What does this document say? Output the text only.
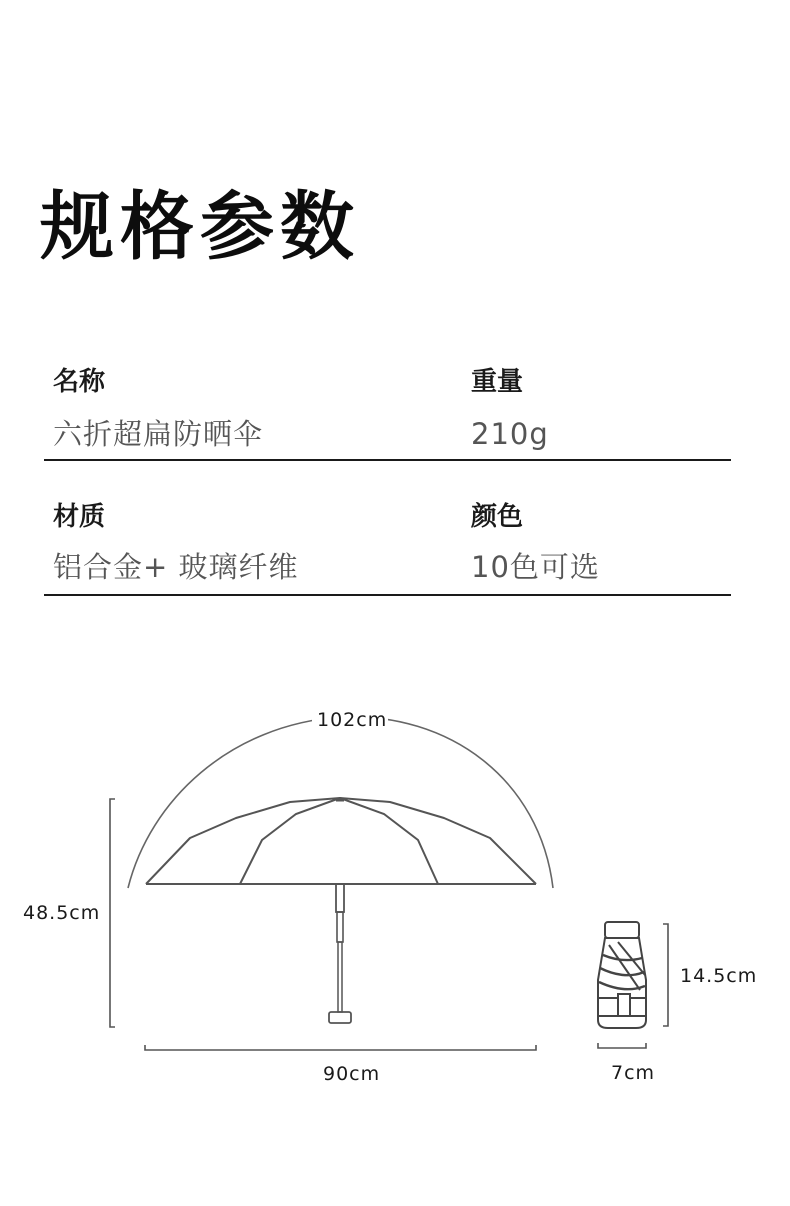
规格参数
名称
六折超扁防晒伞
重量
210g
材质
铝合金+ 玻璃纤维
颜色
10色可选
102cm
48.5cm
90cm
14.5cm
7cm
